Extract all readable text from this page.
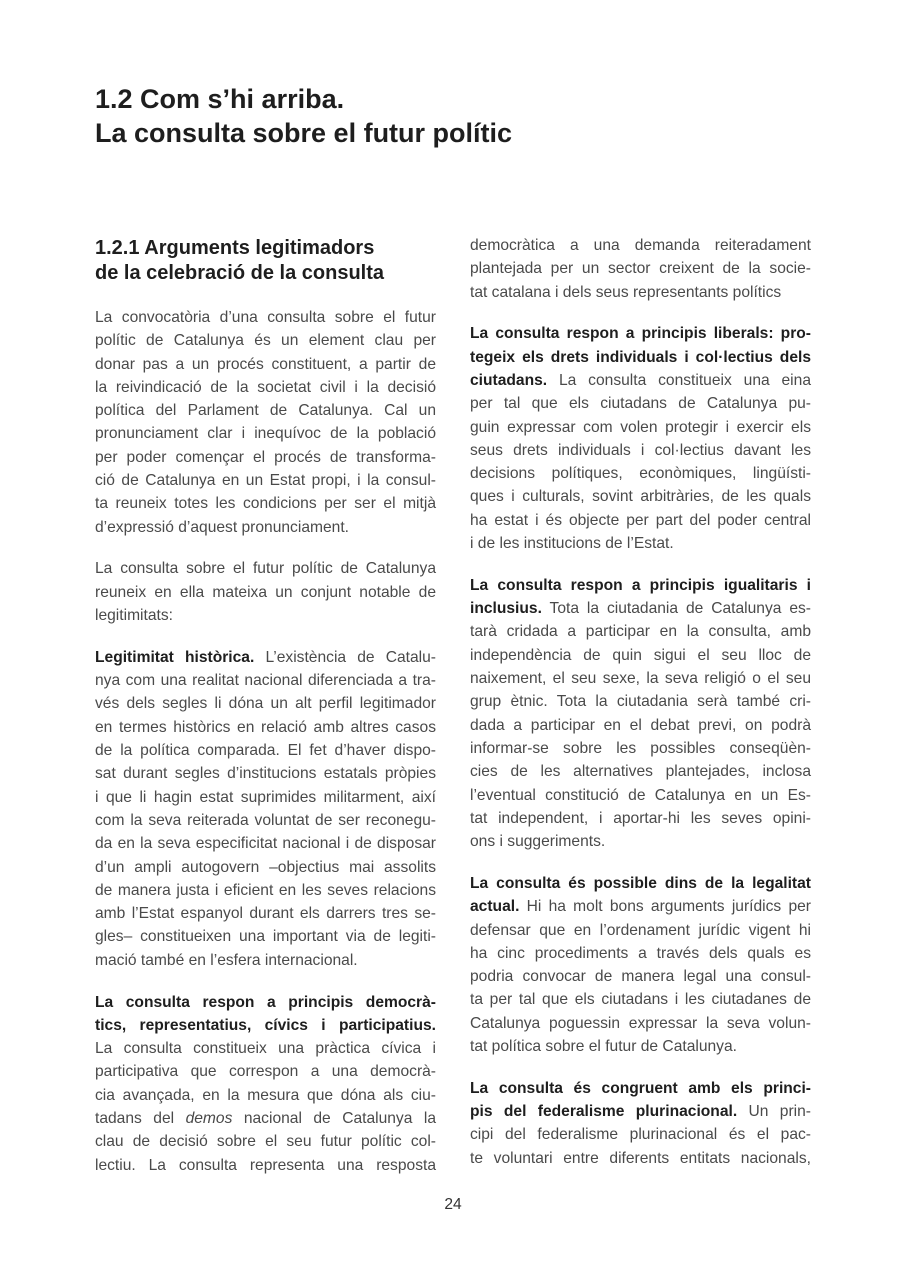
1.2 Com s’hi arriba.
La consulta sobre el futur polític
1.2.1 Arguments legitimadors
de la celebració de la consulta
La convocatòria d’una consulta sobre el futur
polític de Catalunya és un element clau per
donar pas a un procés constituent, a partir de
la reivindicació de la societat civil i la decisió
política del Parlament de Catalunya. Cal un
pronunciament clar i inequívoc de la població
per poder començar el procés de transforma-
ció de Catalunya en un Estat propi, i la consul-
ta reuneix totes les condicions per ser el mitjà
d’expressió d’aquest pronunciament.
La consulta sobre el futur polític de Catalunya
reuneix en ella mateixa un conjunt notable de
legitimitats:
Legitimitat històrica. L’existència de Catalu-
nya com una realitat nacional diferenciada a tra-
vés dels segles li dóna un alt perfil legitimador
en termes històrics en relació amb altres casos
de la política comparada. El fet d’haver dispo-
sat durant segles d’institucions estatals pròpies
i que li hagin estat suprimides militarment, així
com la seva reiterada voluntat de ser reconegu-
da en la seva especificitat nacional i de disposar
d’un ampli autogovern –objectius mai assolits
de manera justa i eficient en les seves relacions
amb l’Estat espanyol durant els darrers tres se-
gles– constitueixen una important via de legiti-
mació també en l’esfera internacional.
La consulta respon a principis democrà-
tics, representatius, cívics i participatius.
La consulta constitueix una pràctica cívica i
participativa que correspon a una democrà-
cia avançada, en la mesura que dóna als ciu-
tadans del demos nacional de Catalunya la
clau de decisió sobre el seu futur polític col-
lectiu. La consulta representa una resposta
democràtica a una demanda reiteradament
plantejada per un sector creixent de la socie-
tat catalana i dels seus representants polítics
La consulta respon a principis liberals: pro-
tegeix els drets individuals i col·lectius dels
ciutadans. La consulta constitueix una eina
per tal que els ciutadans de Catalunya pu-
guin expressar com volen protegir i exercir els
seus drets individuals i col·lectius davant les
decisions polítiques, econòmiques, lingüísti-
ques i culturals, sovint arbitràries, de les quals
ha estat i és objecte per part del poder central
i de les institucions de l’Estat.
La consulta respon a principis igualitaris i
inclusius. Tota la ciutadania de Catalunya es-
tarà cridada a participar en la consulta, amb
independència de quin sigui el seu lloc de
naixement, el seu sexe, la seva religió o el seu
grup ètnic. Tota la ciutadania serà també cri-
dada a participar en el debat previ, on podrà
informar-se sobre les possibles conseqüèn-
cies de les alternatives plantejades, inclosa
l’eventual constitució de Catalunya en un Es-
tat independent, i aportar-hi les seves opini-
ons i suggeriments.
La consulta és possible dins de la legalitat
actual. Hi ha molt bons arguments jurídics per
defensar que en l’ordenament jurídic vigent hi
ha cinc procediments a través dels quals es
podria convocar de manera legal una consul-
ta per tal que els ciutadans i les ciutadanes de
Catalunya poguessin expressar la seva volun-
tat política sobre el futur de Catalunya.
La consulta és congruent amb els princi-
pis del federalisme plurinacional. Un prin-
cipi del federalisme plurinacional és el pac-
te voluntari entre diferents entitats nacionals,
24
